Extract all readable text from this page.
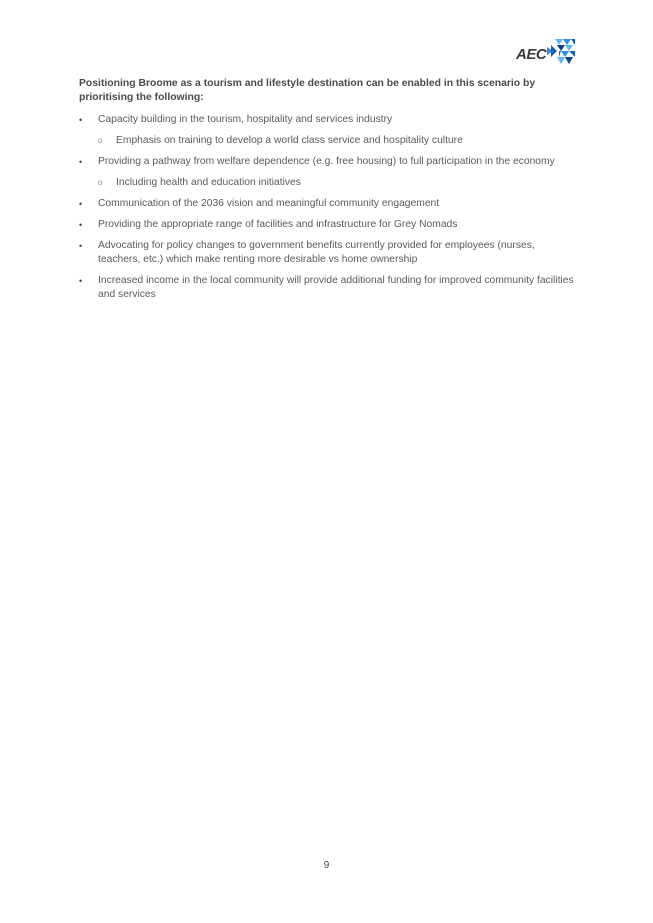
AEC
Positioning Broome as a tourism and lifestyle destination can be enabled in this scenario by prioritising the following:
• Capacity building in the tourism, hospitality and services industry
o Emphasis on training to develop a world class service and hospitality culture
• Providing a pathway from welfare dependence (e.g. free housing) to full participation in the economy
o Including health and education initiatives
• Communication of the 2036 vision and meaningful community engagement
• Providing the appropriate range of facilities and infrastructure for Grey Nomads
• Advocating for policy changes to government benefits currently provided for employees (nurses, teachers, etc.) which make renting more desirable vs home ownership
• Increased income in the local community will provide additional funding for improved community facilities and services
9
